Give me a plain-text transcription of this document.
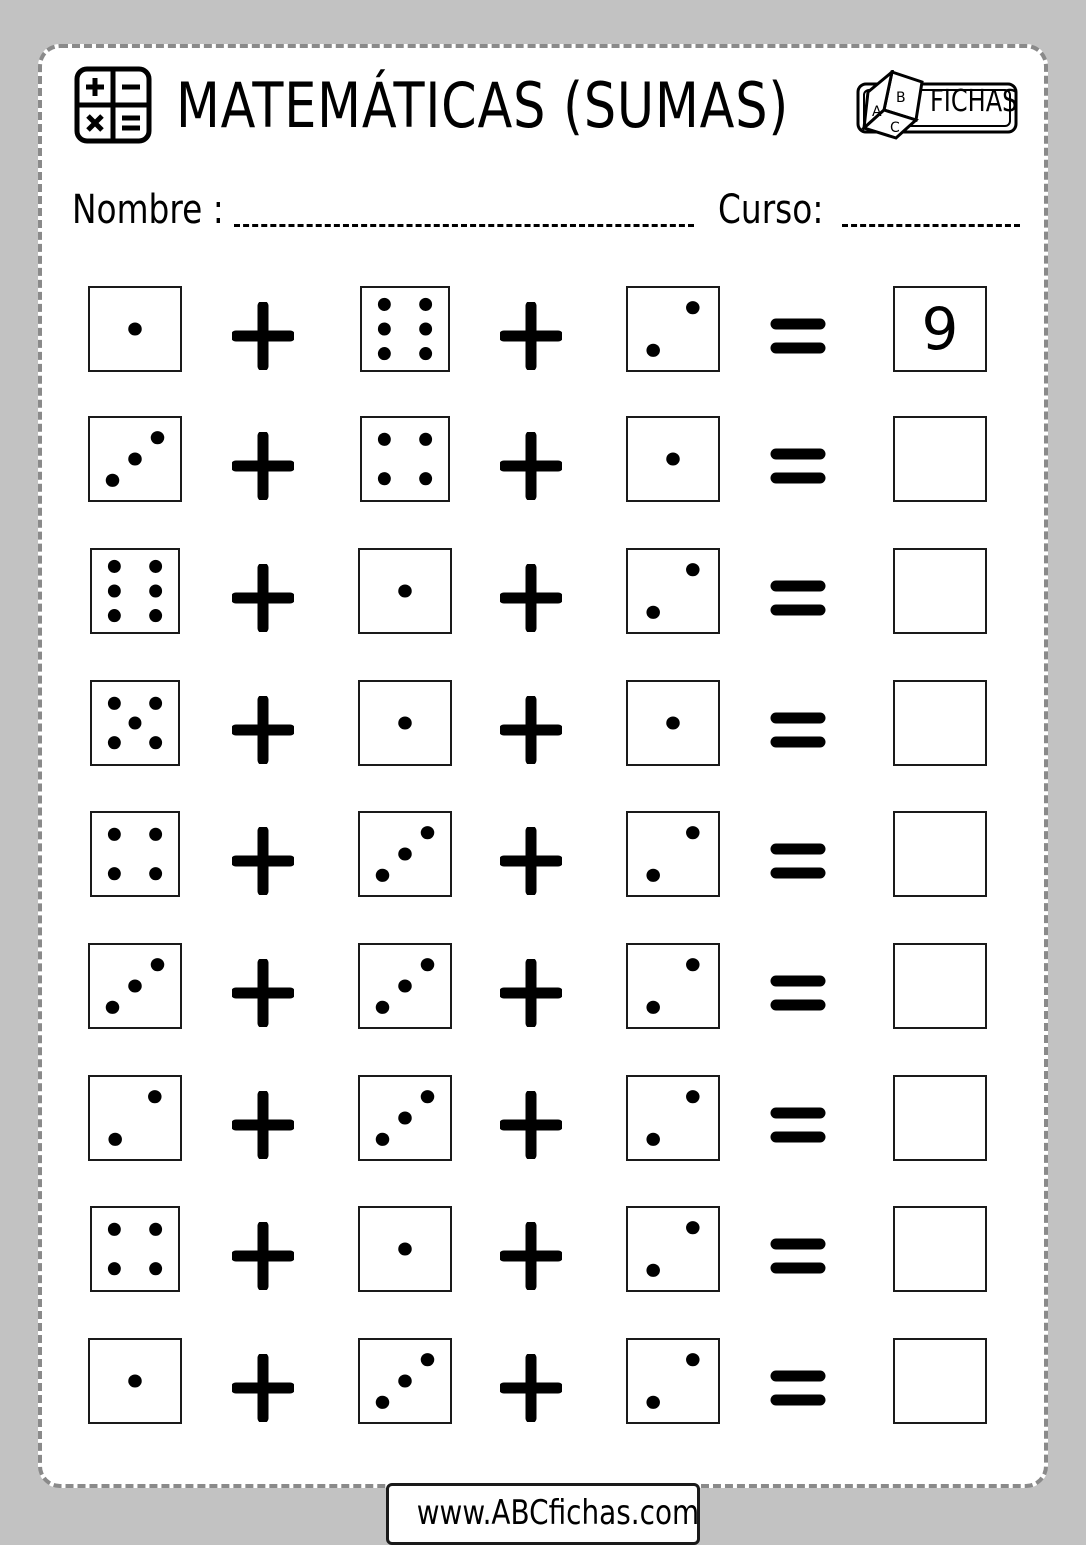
MATEMÁTICAS (SUMAS)	B
A
C
FICHAS
Nombre :	Curso:
9
www.ABCfichas.com
